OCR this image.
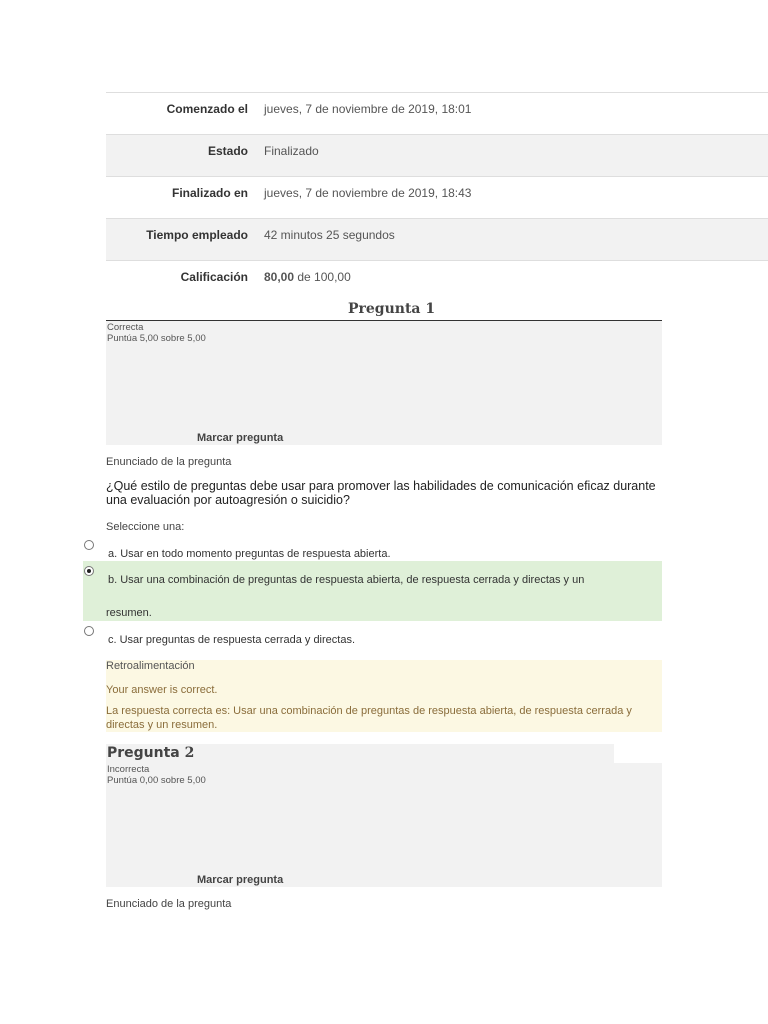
Comenzado el	jueves, 7 de noviembre de 2019, 18:01
Estado	Finalizado
Finalizado en	jueves, 7 de noviembre de 2019, 18:43
Tiempo empleado	42 minutos 25 segundos
Calificación	80,00 de 100,00
Pregunta 1
Correcta
Puntúa 5,00 sobre 5,00
Marcar pregunta
Enunciado de la pregunta
¿Qué estilo de preguntas debe usar para promover las habilidades de comunicación eficaz durante una evaluación por autoagresión o suicidio?
Seleccione una:
a. Usar en todo momento preguntas de respuesta abierta.
b. Usar una combinación de preguntas de respuesta abierta, de respuesta cerrada y directas y un
resumen.
c. Usar preguntas de respuesta cerrada y directas.
Retroalimentación
Your answer is correct.
La respuesta correcta es: Usar una combinación de preguntas de respuesta abierta, de respuesta cerrada y
directas y un resumen.
Pregunta 2
Incorrecta
Puntúa 0,00 sobre 5,00
Marcar pregunta
Enunciado de la pregunta
